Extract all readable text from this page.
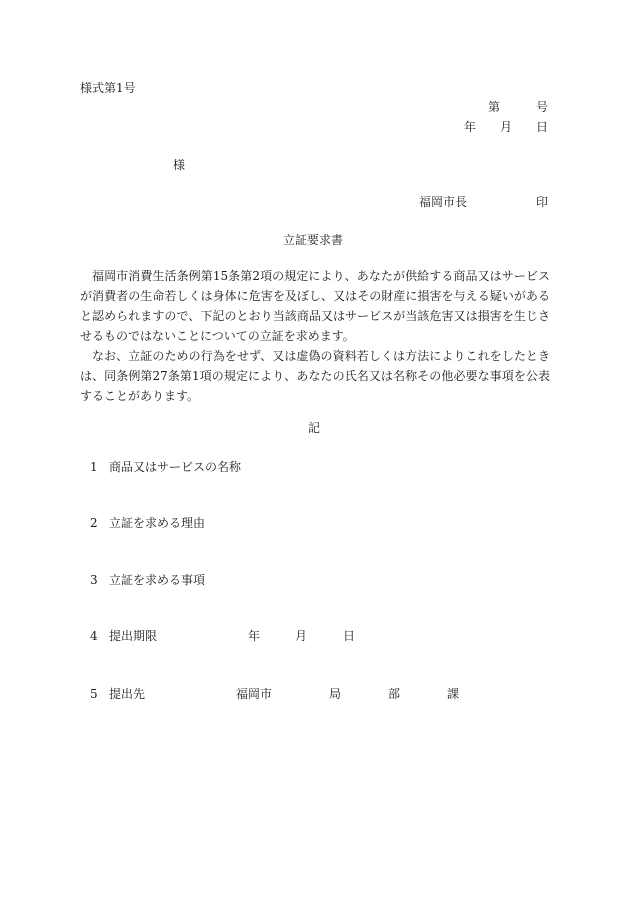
様式第1号
第	号
年 月 日
様
福岡市長	印
立証要求書

福岡市消費生活条例第15条第2項の規定により、あなたが供給する商品又はサービスが消費者の生命若しくは身体に危害を及ぼし、又はその財産に損害を与える疑いがあると認められますので、下記のとおり当該商品又はサービスが当該危害又は損害を生じさせるものではないことについての立証を求めます。

なお、立証のための行為をせず、又は虚偽の資料若しくは方法によりこれをしたときは、同条例第27条第1項の規定により、あなたの氏名又は名称その他必要な事項を公表することがあります。

記
1 商品又はサービスの名称
2 立証を求める理由
3 立証を求める事項
4 提出期限	年	月	日
5 提出先	福岡市	局	部	課
